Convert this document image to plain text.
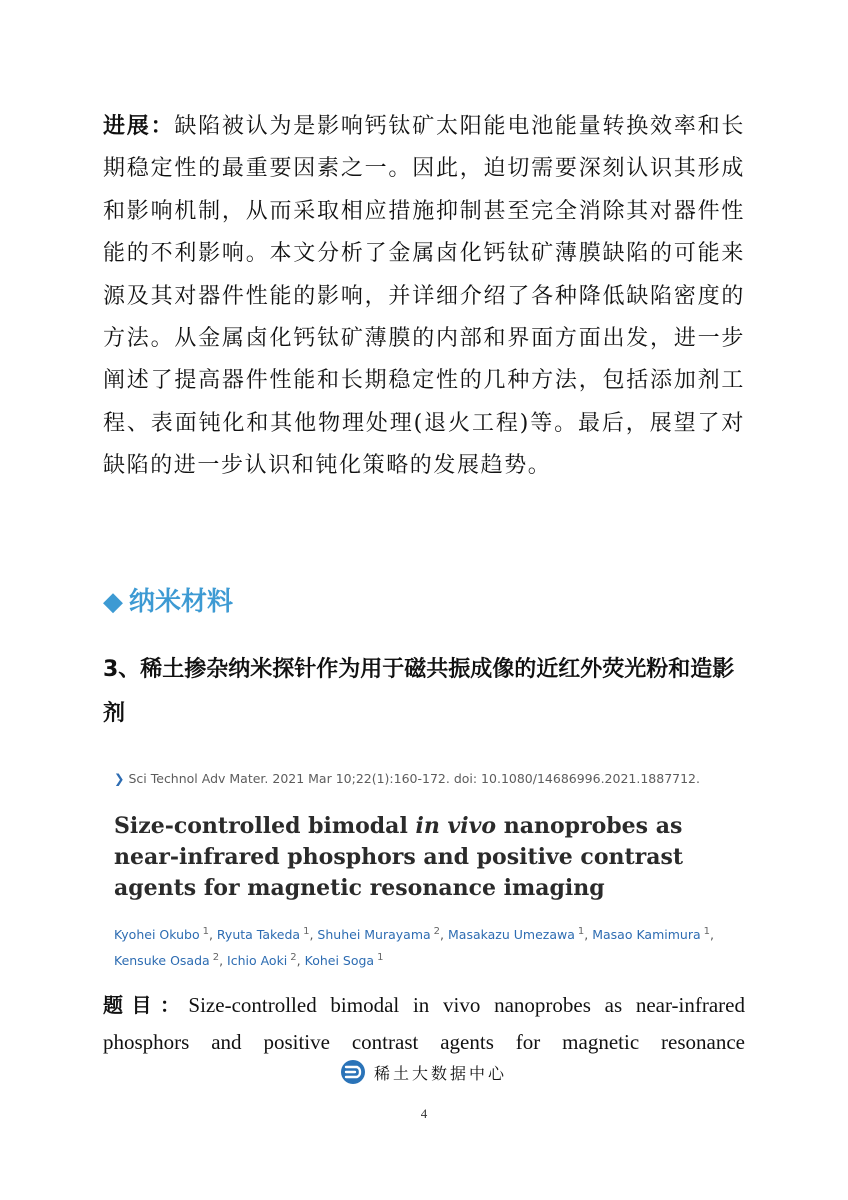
进展：缺陷被认为是影响钙钛矿太阳能电池能量转换效率和长期稳定性的最重要因素之一。因此，迫切需要深刻认识其形成和影响机制，从而采取相应措施抑制甚至完全消除其对器件性能的不利影响。本文分析了金属卤化钙钛矿薄膜缺陷的可能来源及其对器件性能的影响，并详细介绍了各种降低缺陷密度的方法。从金属卤化钙钛矿薄膜的内部和界面方面出发，进一步阐述了提高器件性能和长期稳定性的几种方法，包括添加剂工程、表面钝化和其他物理处理(退火工程)等。最后，展望了对缺陷的进一步认识和钝化策略的发展趋势。

◆ 纳米材料
3、稀土掺杂纳米探针作为用于磁共振成像的近红外荧光粉和造影剂
❯ Sci Technol Adv Mater. 2021 Mar 10;22(1):160-172. doi: 10.1080/14686996.2021.1887712.
Size-controlled bimodal in vivo nanoprobes as near-infrared phosphors and positive contrast agents for magnetic resonance imaging
Kyohei Okubo $^1$, Ryuta Takeda $^1$, Shuhei Murayama $^2$, Masakazu Umezawa $^1$, Masao Kamimura $^1$, Kensuke Osada $^2$, Ichio Aoki $^2$, Kohei Soga $^1$

题目：Size-controlled bimodal in vivo nanoprobes as near-infrared

phosphors and positive contrast agents for magnetic resonance

稀土大数据中心
4
